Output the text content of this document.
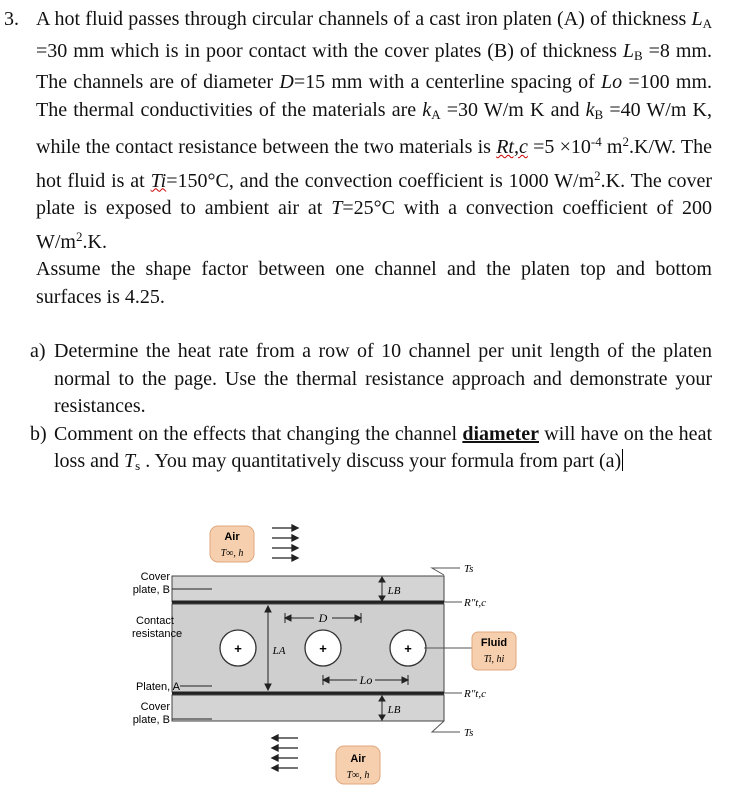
3. A hot fluid passes through circular channels of a cast iron platen (A) of thickness $L_A =30$ mm which is in poor contact with the cover plates (B) of thickness $L_B =8$ mm. The channels are of diameter D=15 mm with a centerline spacing of Lo =100 mm. The thermal conductivities of the materials are $k_A =30$ W/m K and $k_B =40$ W/m K, while the contact resistance between the two materials is $Rt,c =5 \times 10^{-4}$ $m^2.K/W$. The hot fluid is at Ti=150°C, and the convection coefficient is 1000 $W/m^2.K$. The cover plate is exposed to ambient air at T=25°C with a convection coefficient of 200 $W/m^2.K$.
Assume the shape factor between one channel and the platen top and bottom surfaces is 4.25.
a) Determine the heat rate from a row of 10 channel per unit length of the platen normal to the page. Use the thermal resistance approach and demonstrate your resistances.
b) Comment on the effects that changing the channel diameter will have on the heat loss and $T_s$ . You may quantitatively discuss your formula from part (a)
Air
T∞, h
+	+	+
D
LA
Lo
LB
LB
Cover
plate, B
Contact
resistance
Platen, A
Cover
plate, B
Ts
R″t,c
Fluid
Ti, hi
R″t,c
Ts
Air
T∞, h
